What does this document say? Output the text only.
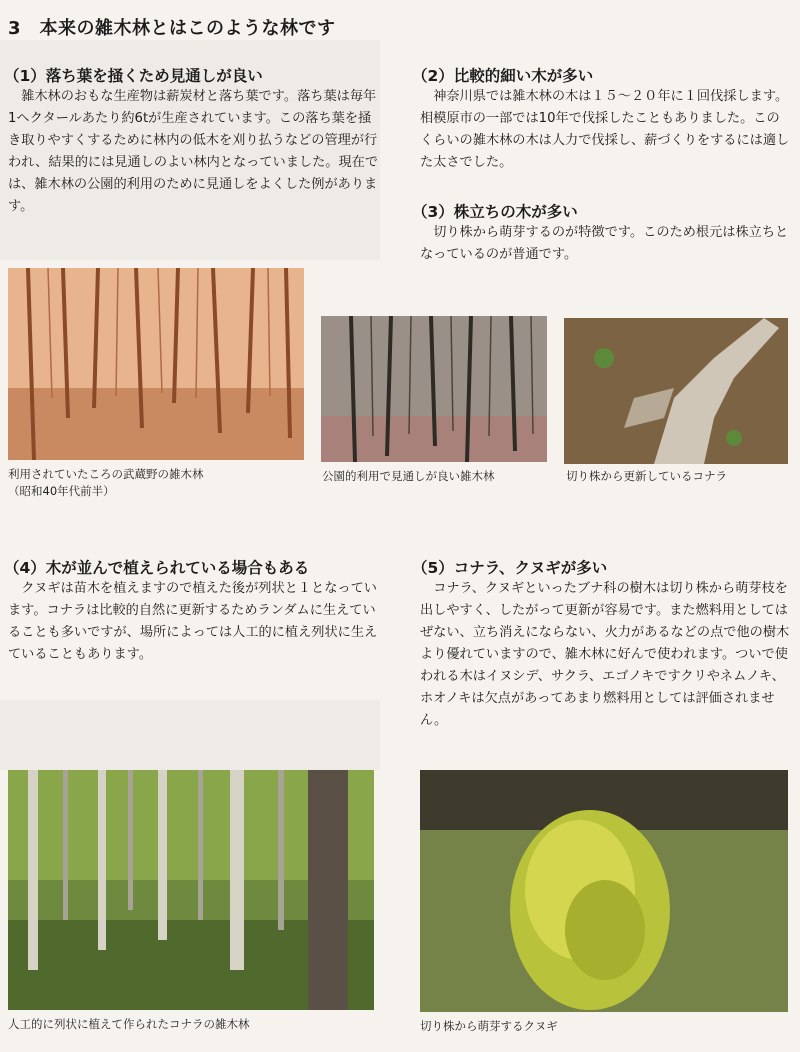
3　本来の雑木林とはこのような林です
（1）落ち葉を掻くため見通しが良い
雑木林のおもな生産物は薪炭材と落ち葉です。落ち葉は毎年1ヘクタールあたり約6tが生産されています。この落ち葉を掻き取りやすくするために林内の低木を刈り払うなどの管理が行われ、結果的には見通しのよい林内となっていました。現在では、雑木林の公園的利用のために見通しをよくした例があります。
（2）比較的細い木が多い
神奈川県では雑木林の木は１５～２０年に１回伐採します。相模原市の一部では10年で伐採したこともありました。このくらいの雑木林の木は人力で伐採し、薪づくりをするには適した太さでした。
（3）株立ちの木が多い
切り株から萌芽するのが特徴です。このため根元は株立ちとなっているのが普通です。
利用されていたころの武蔵野の雑木林
（昭和40年代前半）
公園的利用で見通しが良い雑木林	切り株から更新しているコナラ
（4）木が並んで植えられている場合もある
クヌギは苗木を植えますので植えた後が列状と１となっています。コナラは比較的自然に更新するためランダムに生えていることも多いですが、場所によっては人工的に植え列状に生えていることもあります。
（5）コナラ、クヌギが多い
コナラ、クヌギといったブナ科の樹木は切り株から萌芽枝を出しやすく、したがって更新が容易です。また燃料用としてはぜない、立ち消えにならない、火力があるなどの点で他の樹木より優れていますので、雑木林に好んで使われます。ついで使われる木はイヌシデ、サクラ、エゴノキですクリやネムノキ、ホオノキは欠点があってあまり燃料用としては評価されません。
人工的に列状に植えて作られたコナラの雑木林	切り株から萌芽するクヌギ
